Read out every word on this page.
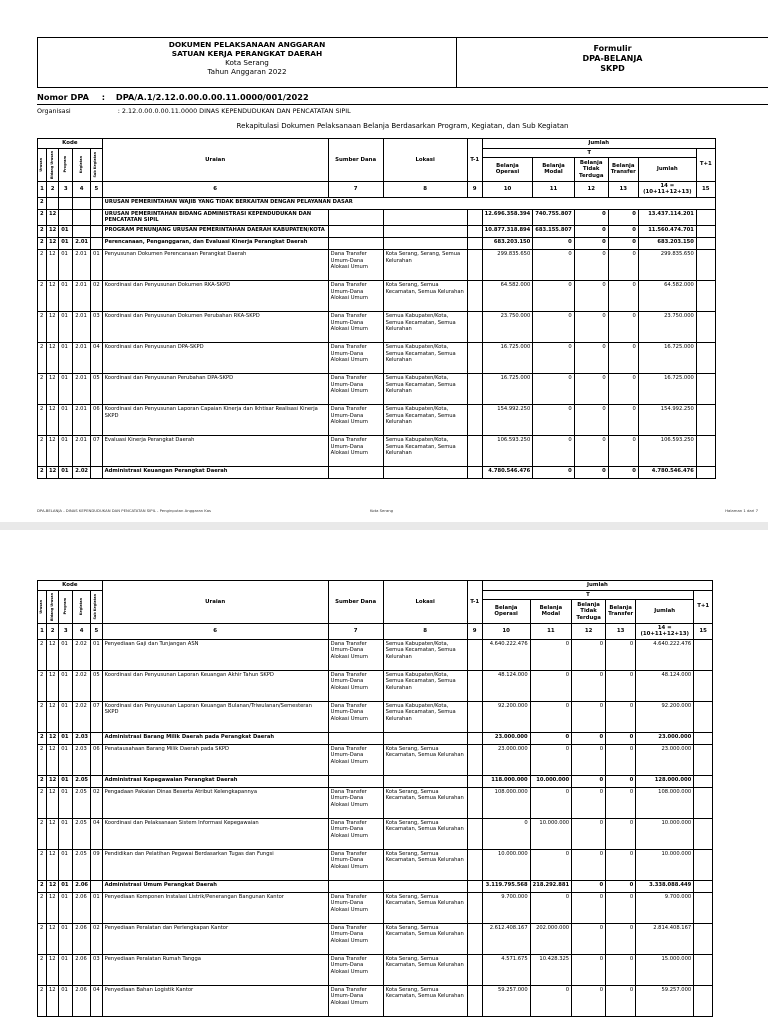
DOKUMEN PELAKSANAAN ANGGARAN
SATUAN KERJA PERANGKAT DAERAH
Kota Serang
Tahun Anggaran 2022
Formulir
DPA-BELANJA
SKPD
Nomor DPA : DPA/A.1/2.12.0.00.0.00.11.0000/001/2022
Organisasi	: 2.12.0.00.0.00.11.0000 DINAS KEPENDUDUKAN DAN PENCATATAN SIPIL
Rekapitulasi Dokumen Pelaksanaan Belanja Berdasarkan Program, Kegiatan, dan Sub Kegiatan
Kode					Uraian	Sumber Dana	Lokasi	T-1	Jumlah					

Urusan	Bidang Urusan	Program	Kegiatan	Sub Kegiatan					T					T+1
									Belanja Operasi	Belanja Modal	Belanja Tidak Terduga	Belanja Transfer	Jumlah	

1	2	3	4	5	6	7	8	9	10	11	12	13	14 = (10+11+12+13)	15
2					URUSAN PEMERINTAHAN WAJIB YANG TIDAK BERKAITAN DENGAN PELAYANAN DASAR									
2	12				URUSAN PEMERINTAHAN BIDANG ADMINISTRASI KEPENDUDUKAN DAN PENCATATAN SIPIL				12.696.358.394	740.755.807	0	0	13.437.114.201	
2	12	01			PROGRAM PENUNJANG URUSAN PEMERINTAHAN DAERAH KABUPATEN/KOTA				10.877.318.894	683.155.807	0	0	11.560.474.701	
2	12	01	2.01		Perencanaan, Penganggaran, dan Evaluasi Kinerja Perangkat Daerah				683.203.150	0	0	0	683.203.150	
2	12	01	2.01	01	Penyusunan Dokumen Perencanaan Perangkat Daerah	Dana Transfer Umum-Dana Alokasi Umum	Kota Serang, Serang, Semua Kelurahan		299.835.650	0	0	0	299.835.650	
2	12	01	2.01	02	Koordinasi dan Penyusunan Dokumen RKA-SKPD	Dana Transfer Umum-Dana Alokasi Umum	Kota Serang, Semua Kecamatan, Semua Kelurahan		64.582.000	0	0	0	64.582.000	
2	12	01	2.01	03	Koordinasi dan Penyusunan Dokumen Perubahan RKA-SKPD	Dana Transfer Umum-Dana Alokasi Umum	Semua Kabupaten/Kota, Semua Kecamatan, Semua Kelurahan		23.750.000	0	0	0	23.750.000	
2	12	01	2.01	04	Koordinasi dan Penyusunan DPA-SKPD	Dana Transfer Umum-Dana Alokasi Umum	Semua Kabupaten/Kota, Semua Kecamatan, Semua Kelurahan		16.725.000	0	0	0	16.725.000	
2	12	01	2.01	05	Koordinasi dan Penyusunan Perubahan DPA-SKPD	Dana Transfer Umum-Dana Alokasi Umum	Semua Kabupaten/Kota, Semua Kecamatan, Semua Kelurahan		16.725.000	0	0	0	16.725.000	
2	12	01	2.01	06	Koordinasi dan Penyusunan Laporan Capaian Kinerja dan Ikhtisar Realisasi Kinerja SKPD	Dana Transfer Umum-Dana Alokasi Umum	Semua Kabupaten/Kota, Semua Kecamatan, Semua Kelurahan		154.992.250	0	0	0	154.992.250	
2	12	01	2.01	07	Evaluasi Kinerja Perangkat Daerah	Dana Transfer Umum-Dana Alokasi Umum	Semua Kabupaten/Kota, Semua Kecamatan, Semua Kelurahan		106.593.250	0	0	0	106.593.250	
2	12	01	2.02		Administrasi Keuangan Perangkat Daerah				4.780.546.476	0	0	0	4.780.546.476	
DPA-BELANJA - DINAS KEPENDUDUKAN DAN PENCATATAN SIPIL - Penginputan Anggaran Kas	Kota Serang	Halaman 1 dari 7
Kode					Uraian	Sumber Dana	Lokasi	T-1	Jumlah					

Urusan	Bidang Urusan	Program	Kegiatan	Sub Kegiatan					T					T+1
									Belanja Operasi	Belanja Modal	Belanja Tidak Terduga	Belanja Transfer	Jumlah	

1	2	3	4	5	6	7	8	9	10	11	12	13	14 = (10+11+12+13)	15
2	12	01	2.02	01	Penyediaan Gaji dan Tunjangan ASN	Dana Transfer Umum-Dana Alokasi Umum	Semua Kabupaten/Kota, Semua Kecamatan, Semua Kelurahan		4.640.222.476	0	0	0	4.640.222.476	
2	12	01	2.02	05	Koordinasi dan Penyusunan Laporan Keuangan Akhir Tahun SKPD	Dana Transfer Umum-Dana Alokasi Umum	Semua Kabupaten/Kota, Semua Kecamatan, Semua Kelurahan		48.124.000	0	0	0	48.124.000	
2	12	01	2.02	07	Koordinasi dan Penyusunan Laporan Keuangan Bulanan/Triwulanan/Semesteran SKPD	Dana Transfer Umum-Dana Alokasi Umum	Semua Kabupaten/Kota, Semua Kecamatan, Semua Kelurahan		92.200.000	0	0	0	92.200.000	
2	12	01	2.03		Administrasi Barang Milik Daerah pada Perangkat Daerah				23.000.000	0	0	0	23.000.000	
2	12	01	2.03	06	Penatausahaan Barang Milik Daerah pada SKPD	Dana Transfer Umum-Dana Alokasi Umum	Kota Serang, Semua Kecamatan, Semua Kelurahan		23.000.000	0	0	0	23.000.000	
2	12	01	2.05		Administrasi Kepegawaian Perangkat Daerah				118.000.000	10.000.000	0	0	128.000.000	
2	12	01	2.05	02	Pengadaan Pakaian Dinas Beserta Atribut Kelengkapannya	Dana Transfer Umum-Dana Alokasi Umum	Kota Serang, Semua Kecamatan, Semua Kelurahan		108.000.000	0	0	0	108.000.000	
2	12	01	2.05	04	Koordinasi dan Pelaksanaan Sistem Informasi Kepegawaian	Dana Transfer Umum-Dana Alokasi Umum	Kota Serang, Semua Kecamatan, Semua Kelurahan		0	10.000.000	0	0	10.000.000	
2	12	01	2.05	09	Pendidikan dan Pelatihan Pegawai Berdasarkan Tugas dan Fungsi	Dana Transfer Umum-Dana Alokasi Umum	Kota Serang, Semua Kecamatan, Semua Kelurahan		10.000.000	0	0	0	10.000.000	
2	12	01	2.06		Administrasi Umum Perangkat Daerah				3.119.795.568	218.292.881	0	0	3.338.088.449	
2	12	01	2.06	01	Penyediaan Komponen Instalasi Listrik/Penerangan Bangunan Kantor	Dana Transfer Umum-Dana Alokasi Umum	Kota Serang, Semua Kecamatan, Semua Kelurahan		9.700.000	0	0	0	9.700.000	
2	12	01	2.06	02	Penyediaan Peralatan dan Perlengkapan Kantor	Dana Transfer Umum-Dana Alokasi Umum	Kota Serang, Semua Kecamatan, Semua Kelurahan		2.612.408.167	202.000.000	0	0	2.814.408.167	
2	12	01	2.06	03	Penyediaan Peralatan Rumah Tangga	Dana Transfer Umum-Dana Alokasi Umum	Kota Serang, Semua Kecamatan, Semua Kelurahan		4.571.675	10.428.325	0	0	15.000.000	
2	12	01	2.06	04	Penyediaan Bahan Logistik Kantor	Dana Transfer Umum-Dana Alokasi Umum	Kota Serang, Semua Kecamatan, Semua Kelurahan		59.257.000	0	0	0	59.257.000	
